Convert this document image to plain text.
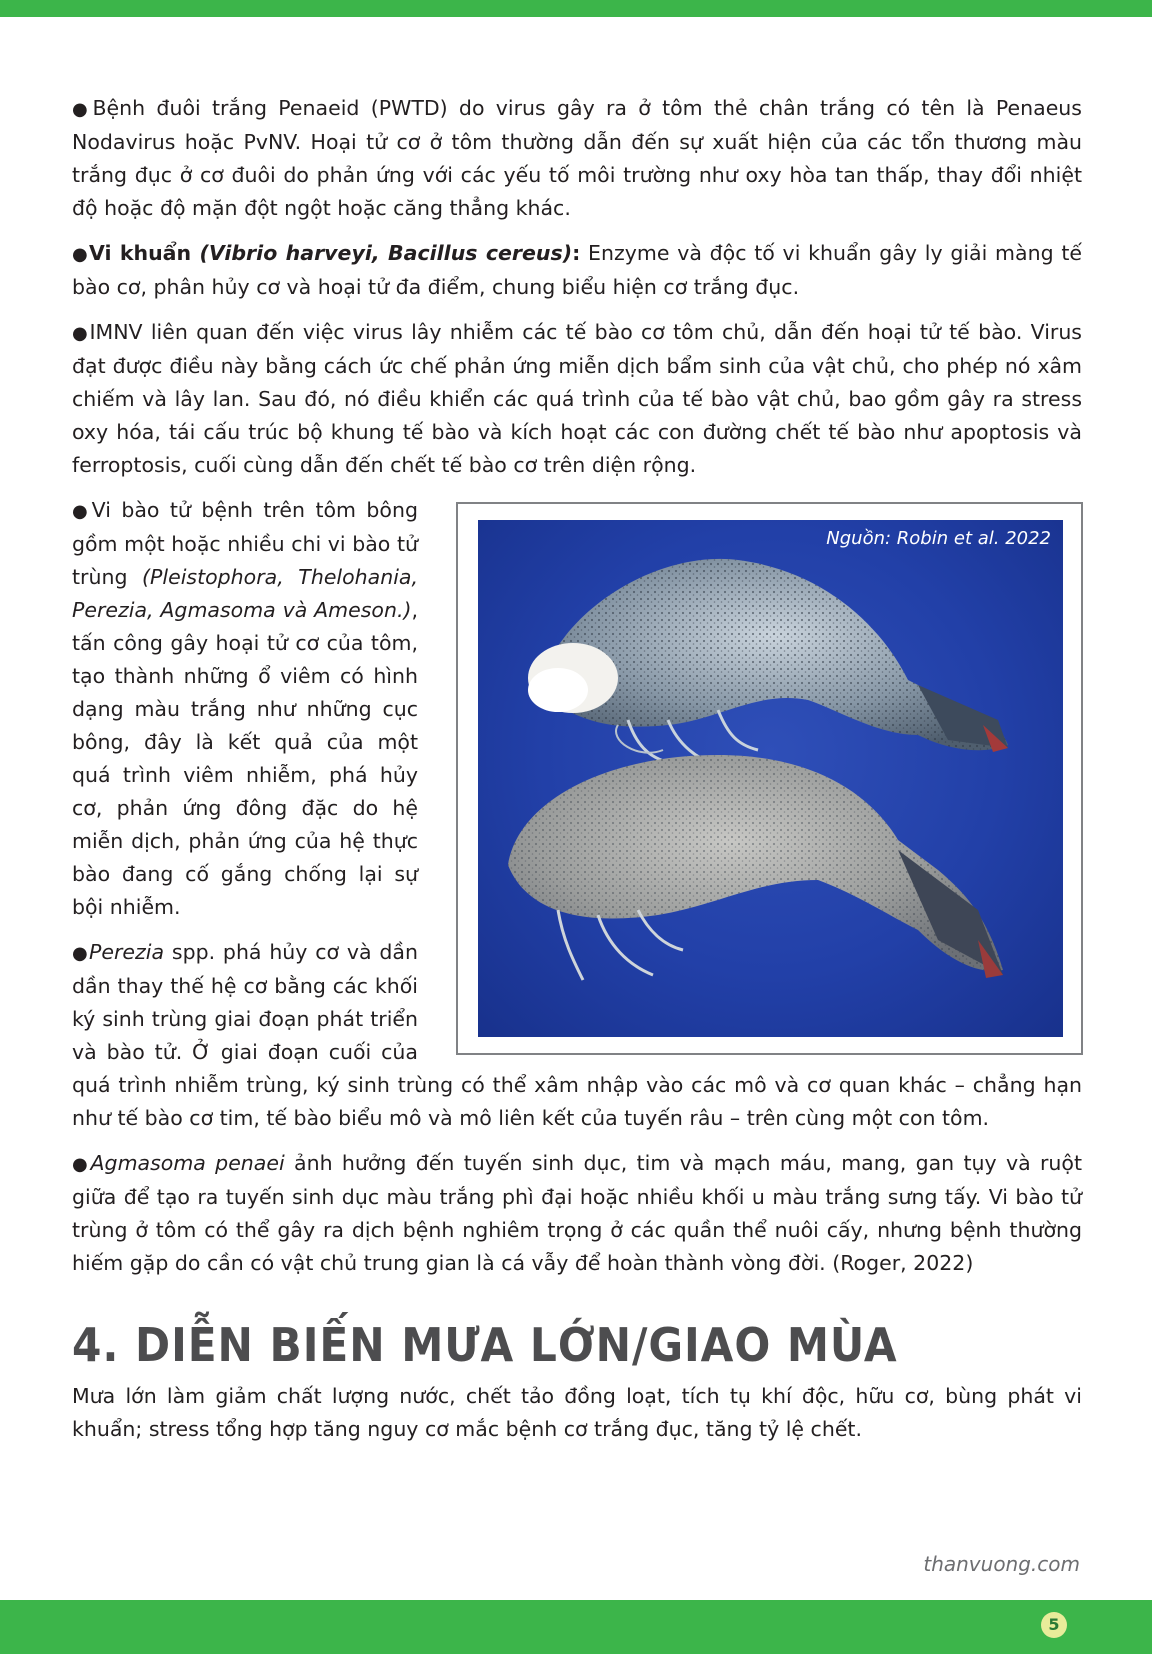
●Bệnh đuôi trắng Penaeid (PWTD) do virus gây ra ở tôm thẻ chân trắng có tên là Penaeus Nodavirus hoặc PvNV. Hoại tử cơ ở tôm thường dẫn đến sự xuất hiện của các tổn thương màu trắng đục ở cơ đuôi do phản ứng với các yếu tố môi trường như oxy hòa tan thấp, thay đổi nhiệt độ hoặc độ mặn đột ngột hoặc căng thẳng khác.

●Vi khuẩn (Vibrio harveyi, Bacillus cereus): Enzyme và độc tố vi khuẩn gây ly giải màng tế bào cơ, phân hủy cơ và hoại tử đa điểm, chung biểu hiện cơ trắng đục.

●IMNV liên quan đến việc virus lây nhiễm các tế bào cơ tôm chủ, dẫn đến hoại tử tế bào. Virus đạt được điều này bằng cách ức chế phản ứng miễn dịch bẩm sinh của vật chủ, cho phép nó xâm chiếm và lây lan. Sau đó, nó điều khiển các quá trình của tế bào vật chủ, bao gồm gây ra stress oxy hóa, tái cấu trúc bộ khung tế bào và kích hoạt các con đường chết tế bào như apoptosis và ferroptosis, cuối cùng dẫn đến chết tế bào cơ trên diện rộng.

Nguồn: Robin et al. 2022

●Vi bào tử bệnh trên tôm bông gồm một hoặc nhiều chi vi bào tử trùng (Pleistophora, Thelohania, Perezia, Agmasoma và Ameson.), tấn công gây hoại tử cơ của tôm, tạo thành những ổ viêm có hình dạng màu trắng như những cục bông, đây là kết quả của một quá trình viêm nhiễm, phá hủy cơ, phản ứng đông đặc do hệ miễn dịch, phản ứng của hệ thực bào đang cố gắng chống lại sự bội nhiễm.

●Perezia spp. phá hủy cơ và dần dần thay thế hệ cơ bằng các khối ký sinh trùng giai đoạn phát triển và bào tử. Ở giai đoạn cuối của quá trình nhiễm trùng, ký sinh trùng có thể xâm nhập vào các mô và cơ quan khác – chẳng hạn như tế bào cơ tim, tế bào biểu mô và mô liên kết của tuyến râu – trên cùng một con tôm.

●Agmasoma penaei ảnh hưởng đến tuyến sinh dục, tim và mạch máu, mang, gan tụy và ruột giữa để tạo ra tuyến sinh dục màu trắng phì đại hoặc nhiều khối u màu trắng sưng tấy. Vi bào tử trùng ở tôm có thể gây ra dịch bệnh nghiêm trọng ở các quần thể nuôi cấy, nhưng bệnh thường hiếm gặp do cần có vật chủ trung gian là cá vẫy để hoàn thành vòng đời. (Roger, 2022)

4. DIỄN BIẾN MƯA LỚN/GIAO MÙA

Mưa lớn làm giảm chất lượng nước, chết tảo đồng loạt, tích tụ khí độc, hữu cơ, bùng phát vi khuẩn; stress tổng hợp tăng nguy cơ mắc bệnh cơ trắng đục, tăng tỷ lệ chết.

thanvuong.com
5
